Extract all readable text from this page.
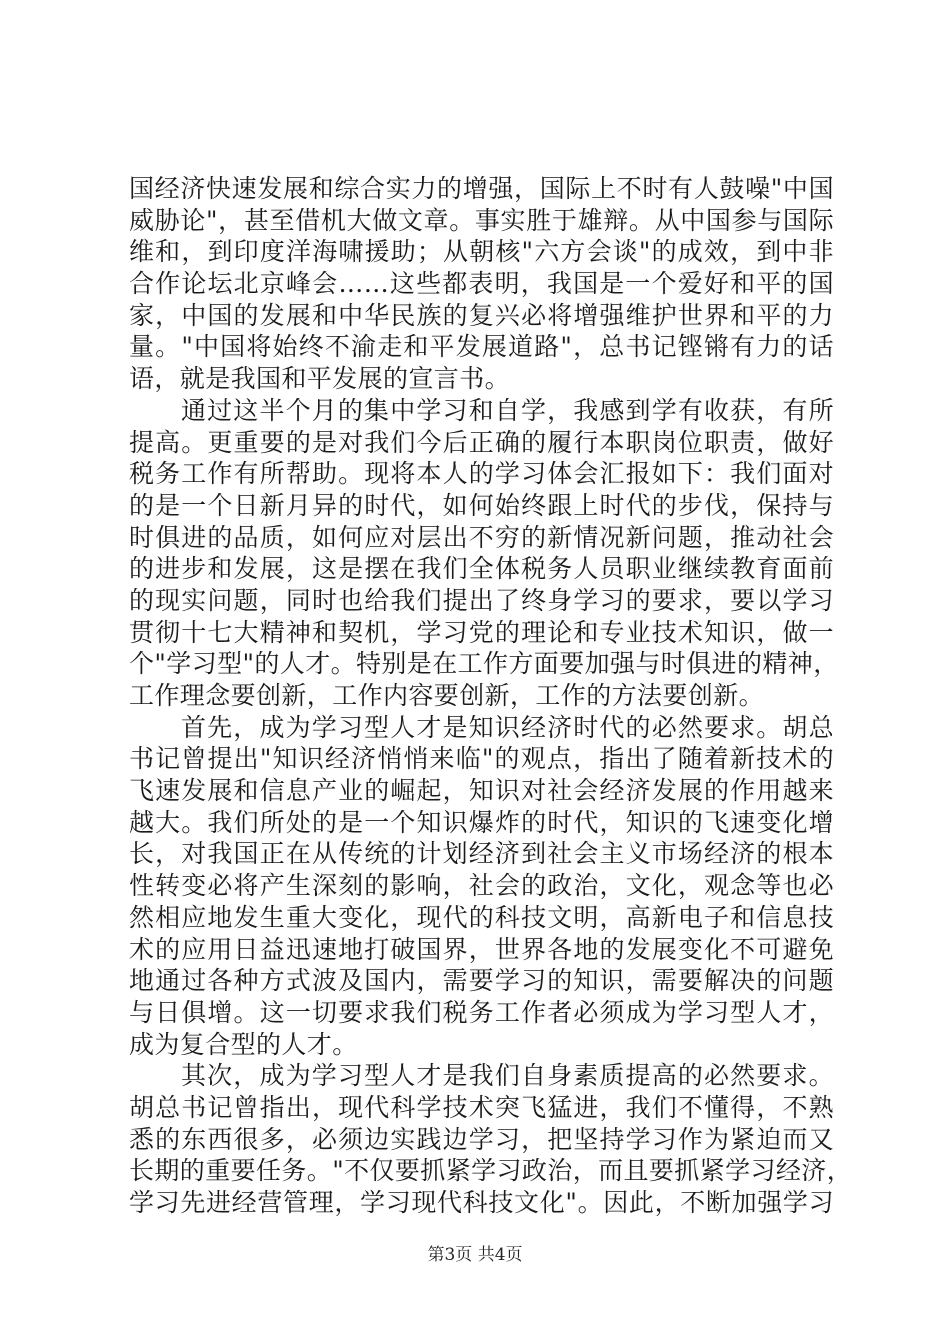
国经济快速发展和综合实力的增强，国际上不时有人鼓噪"中国
威胁论"，甚至借机大做文章。事实胜于雄辩。从中国参与国际
维和，到印度洋海啸援助；从朝核"六方会谈"的成效，到中非
合作论坛北京峰会……这些都表明，我国是一个爱好和平的国
家，中国的发展和中华民族的复兴必将增强维护世界和平的力
量。"中国将始终不渝走和平发展道路"，总书记铿锵有力的话
语，就是我国和平发展的宣言书。
通过这半个月的集中学习和自学，我感到学有收获，有所
提高。更重要的是对我们今后正确的履行本职岗位职责，做好
税务工作有所帮助。现将本人的学习体会汇报如下：我们面对
的是一个日新月异的时代，如何始终跟上时代的步伐，保持与
时俱进的品质，如何应对层出不穷的新情况新问题，推动社会
的进步和发展，这是摆在我们全体税务人员职业继续教育面前
的现实问题，同时也给我们提出了终身学习的要求，要以学习
贯彻十七大精神和契机，学习党的理论和专业技术知识，做一
个"学习型"的人才。特别是在工作方面要加强与时俱进的精神，
工作理念要创新，工作内容要创新，工作的方法要创新。
首先，成为学习型人才是知识经济时代的必然要求。胡总
书记曾提出"知识经济悄悄来临"的观点，指出了随着新技术的
飞速发展和信息产业的崛起，知识对社会经济发展的作用越来
越大。我们所处的是一个知识爆炸的时代，知识的飞速变化增
长，对我国正在从传统的计划经济到社会主义市场经济的根本
性转变必将产生深刻的影响，社会的政治，文化，观念等也必
然相应地发生重大变化，现代的科技文明，高新电子和信息技
术的应用日益迅速地打破国界，世界各地的发展变化不可避免
地通过各种方式波及国内，需要学习的知识，需要解决的问题
与日俱增。这一切要求我们税务工作者必须成为学习型人才，
成为复合型的人才。
其次，成为学习型人才是我们自身素质提高的必然要求。
胡总书记曾指出，现代科学技术突飞猛进，我们不懂得，不熟
悉的东西很多，必须边实践边学习，把坚持学习作为紧迫而又
长期的重要任务。"不仅要抓紧学习政治，而且要抓紧学习经济，
学习先进经营管理，学习现代科技文化"。因此，不断加强学习
第3页 共4页
